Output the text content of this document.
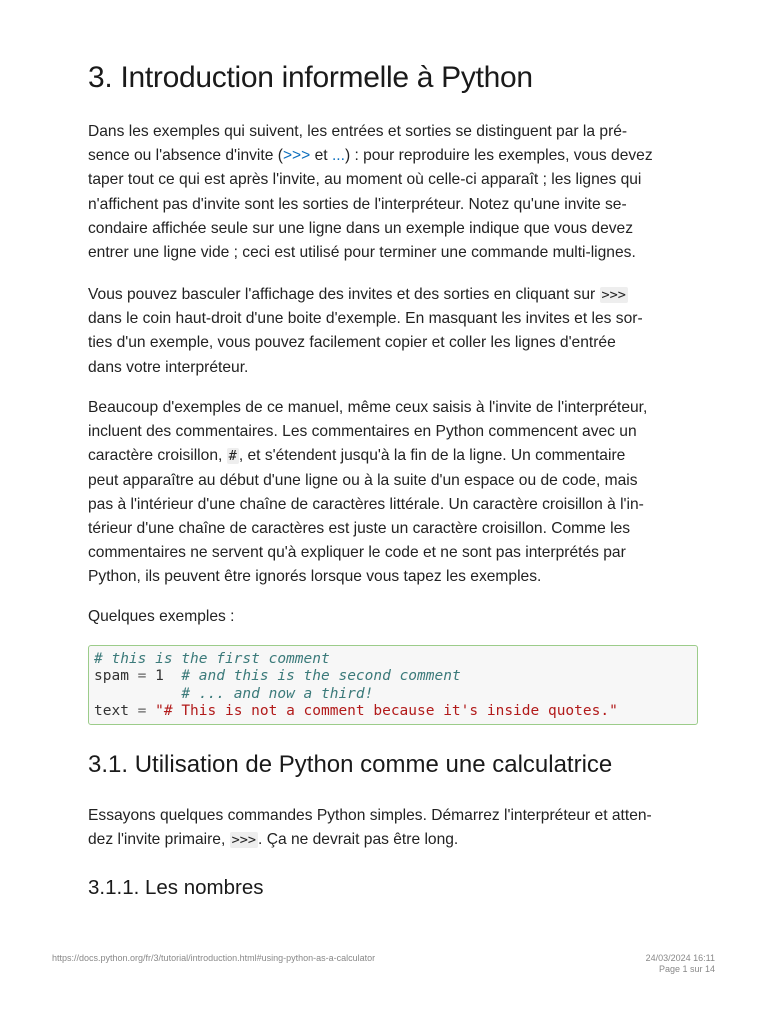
3. Introduction informelle à Python
Dans les exemples qui suivent, les entrées et sorties se distinguent par la pré-
sence ou l'absence d'invite (>>> et ...) : pour reproduire les exemples, vous devez
taper tout ce qui est après l'invite, au moment où celle-ci apparaît ; les lignes qui
n'affichent pas d'invite sont les sorties de l'interpréteur. Notez qu'une invite se-
condaire affichée seule sur une ligne dans un exemple indique que vous devez
entrer une ligne vide ; ceci est utilisé pour terminer une commande multi-lignes.
Vous pouvez basculer l'affichage des invites et des sorties en cliquant sur >>>
dans le coin haut-droit d'une boite d'exemple. En masquant les invites et les sor-
ties d'un exemple, vous pouvez facilement copier et coller les lignes d'entrée
dans votre interpréteur.
Beaucoup d'exemples de ce manuel, même ceux saisis à l'invite de l'interpréteur,
incluent des commentaires. Les commentaires en Python commencent avec un
caractère croisillon, # , et s'étendent jusqu'à la fin de la ligne. Un commentaire
peut apparaître au début d'une ligne ou à la suite d'un espace ou de code, mais
pas à l'intérieur d'une chaîne de caractères littérale. Un caractère croisillon à l'in-
térieur d'une chaîne de caractères est juste un caractère croisillon. Comme les
commentaires ne servent qu'à expliquer le code et ne sont pas interprétés par
Python, ils peuvent être ignorés lorsque vous tapez les exemples.
Quelques exemples :
# this is the first comment
spam = 1 # and this is the second comment
# ... and now a third!
text = "# This is not a comment because it's inside quotes."
3.1. Utilisation de Python comme une calculatrice
Essayons quelques commandes Python simples. Démarrez l'interpréteur et atten-
dez l'invite primaire, >>> . Ça ne devrait pas être long.
3.1.1. Les nombres
https://docs.python.org/fr/3/tutorial/introduction.html#using-python-as-a-calculator	24/03/2024 16:11
Page 1 sur 14
